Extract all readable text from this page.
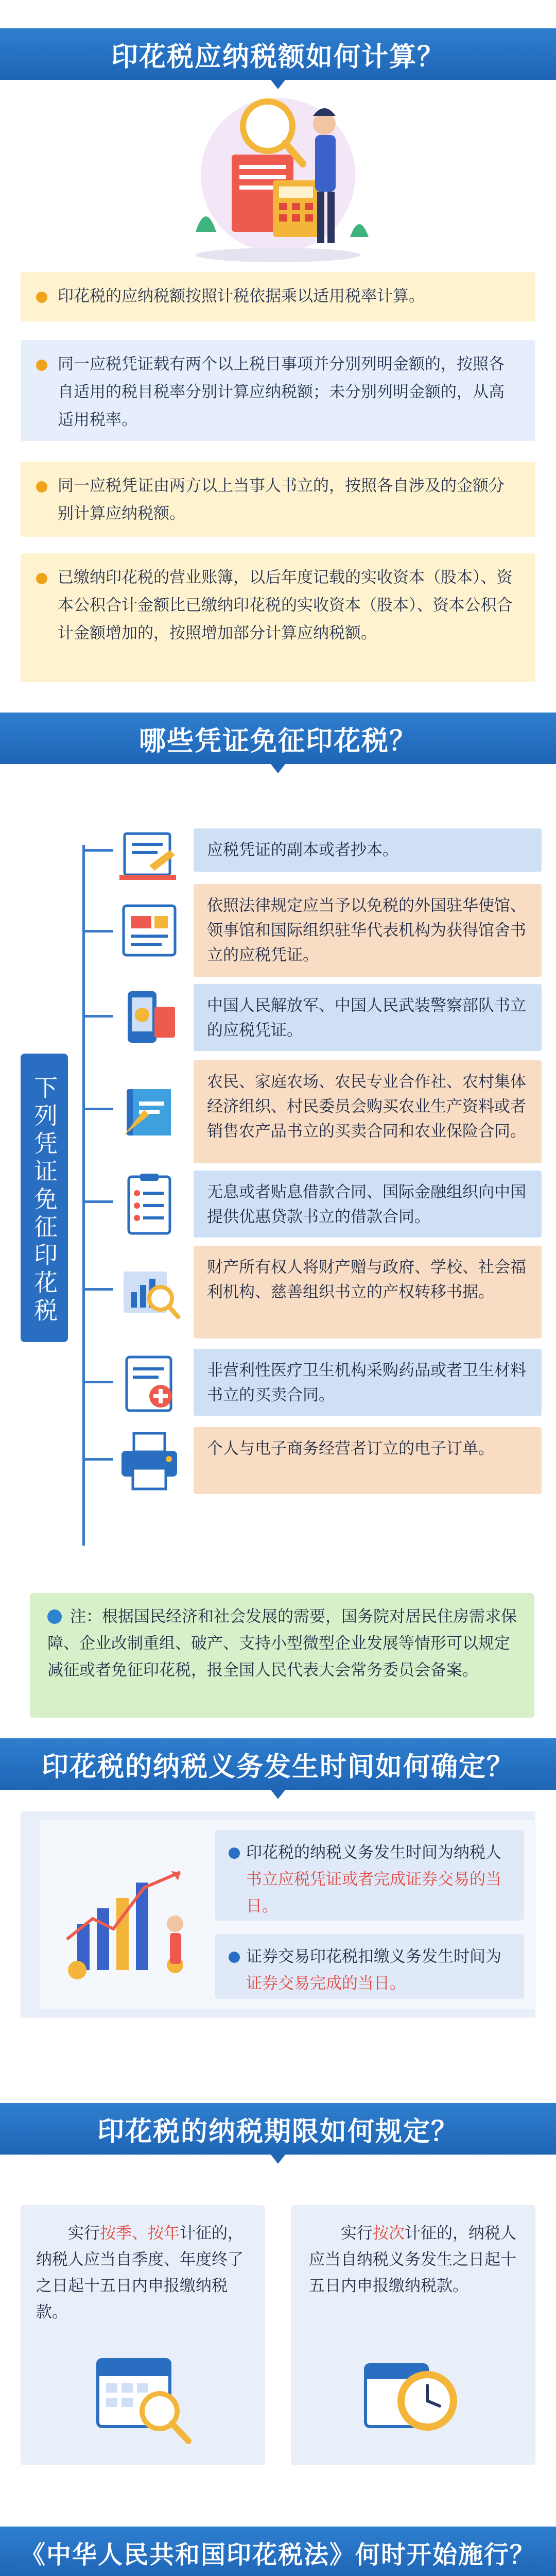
印花税应纳税额如何计算？
印花税的应纳税额按照计税依据乘以适用税率计算。
同一应税凭证载有两个以上税目事项并分别列明金额的，按照各自适用的税目税率分别计算应纳税额；未分别列明金额的，从高适用税率。
同一应税凭证由两方以上当事人书立的，按照各自涉及的金额分别计算应纳税额。
已缴纳印花税的营业账簿，以后年度记载的实收资本（股本）、资本公积合计金额比已缴纳印花税的实收资本（股本）、资本公积合计金额增加的，按照增加部分计算应纳税额。
哪些凭证免征印花税？
下列凭证免征印花税
应税凭证的副本或者抄本。
依照法律规定应当予以免税的外国驻华使馆、领事馆和国际组织驻华代表机构为获得馆舍书立的应税凭证。
中国人民解放军、中国人民武装警察部队书立的应税凭证。
农民、家庭农场、农民专业合作社、农村集体经济组织、村民委员会购买农业生产资料或者销售农产品书立的买卖合同和农业保险合同。
无息或者贴息借款合同、国际金融组织向中国提供优惠贷款书立的借款合同。
财产所有权人将财产赠与政府、学校、社会福利机构、慈善组织书立的产权转移书据。
非营利性医疗卫生机构采购药品或者卫生材料书立的买卖合同。
个人与电子商务经营者订立的电子订单。
注：根据国民经济和社会发展的需要，国务院对居民住房需求保障、企业改制重组、破产、支持小型微型企业发展等情形可以规定减征或者免征印花税，报全国人民代表大会常务委员会备案。
印花税的纳税义务发生时间如何确定？
印花税的纳税义务发生时间为纳税人书立应税凭证或者完成证券交易的当日。
证券交易印花税扣缴义务发生时间为证券交易完成的当日。
印花税的纳税期限如何规定？
实行按季、按年计征的，纳税人应当自季度、年度终了之日起十五日内申报缴纳税款。
实行按次计征的，纳税人应当自纳税义务发生之日起十五日内申报缴纳税款。
《中华人民共和国印花税法》何时开始施行？
